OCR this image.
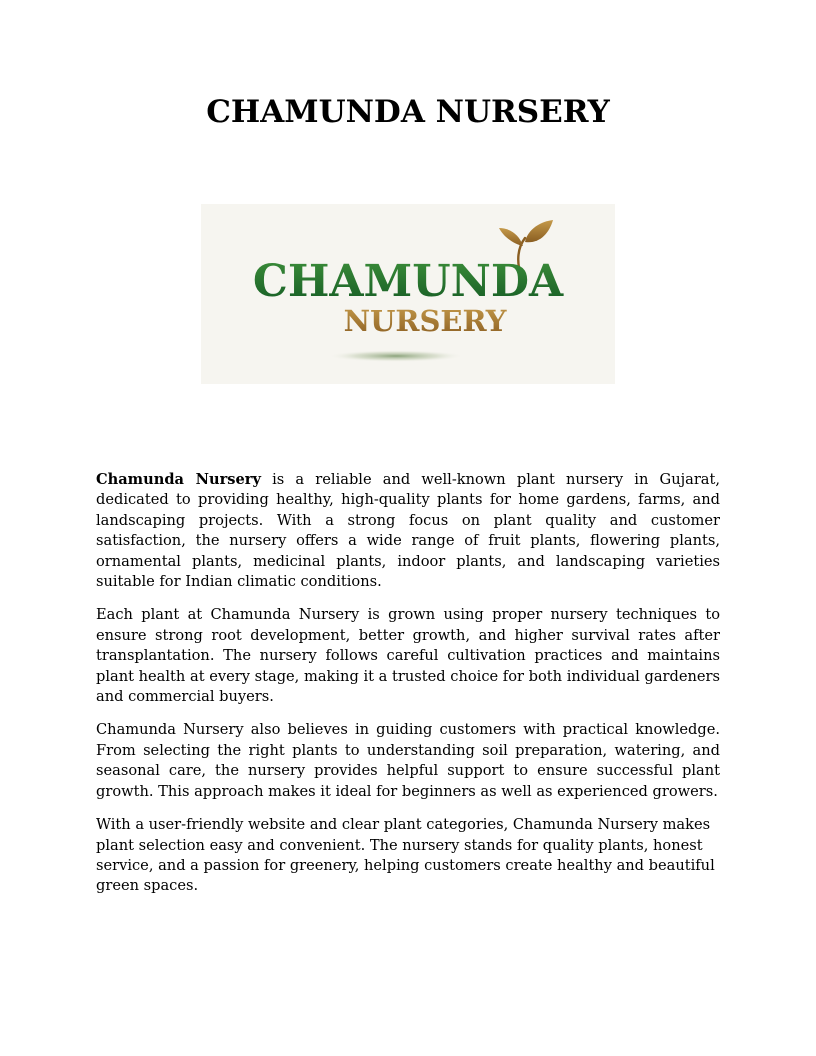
CHAMUNDA NURSERY
CHAMUNDA
NURSERY

Chamunda Nursery is a reliable and well-known plant nursery in Gujarat, dedicated to providing healthy, high-quality plants for home gardens, farms, and landscaping projects. With a strong focus on plant quality and customer satisfaction, the nursery offers a wide range of fruit plants, flowering plants, ornamental plants, medicinal plants, indoor plants, and landscaping varieties suitable for Indian climatic conditions.

Each plant at Chamunda Nursery is grown using proper nursery techniques to ensure strong root development, better growth, and higher survival rates after transplantation. The nursery follows careful cultivation practices and maintains plant health at every stage, making it a trusted choice for both individual gardeners and commercial buyers.

Chamunda Nursery also believes in guiding customers with practical knowledge. From selecting the right plants to understanding soil preparation, watering, and seasonal care, the nursery provides helpful support to ensure successful plant growth. This approach makes it ideal for beginners as well as experienced growers.

With a user-friendly website and clear plant categories, Chamunda Nursery makes plant selection easy and convenient. The nursery stands for quality plants, honest service, and a passion for greenery, helping customers create healthy and beautiful green spaces.
